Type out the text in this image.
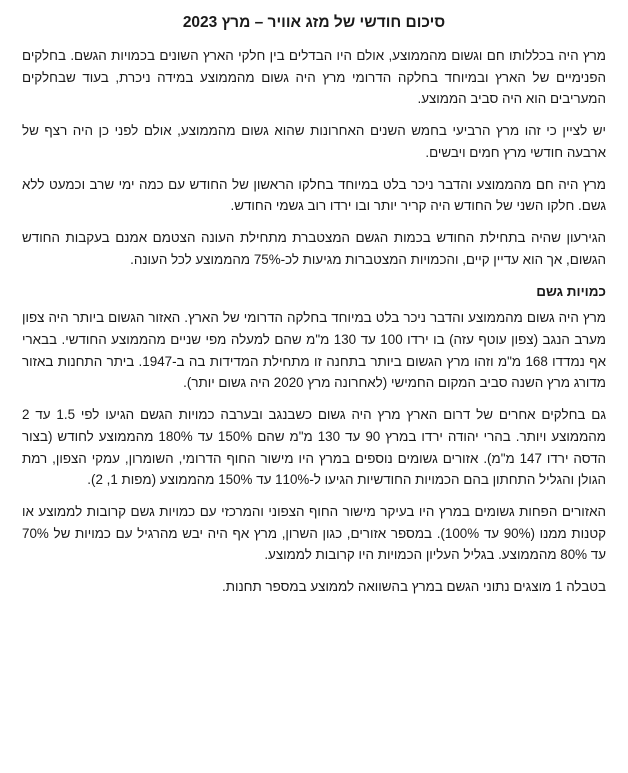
סיכום חודשי של מזג אוויר – מרץ 2023

מרץ היה בכללותו חם וגשום מהממוצע, אולם היו הבדלים בין חלקי הארץ השונים בכמויות הגשם. בחלקים הפנימיים של הארץ ובמיוחד בחלקה הדרומי מרץ היה גשום מהממוצע במידה ניכרת, בעוד שבחלקים המעריבים הוא היה סביב הממוצע.

יש לציין כי זהו מרץ הרביעי בחמש השנים האחרונות שהוא גשום מהממוצע, אולם לפני כן היה רצף של ארבעה חודשי מרץ חמים ויבשים.

מרץ היה חם מהממוצע והדבר ניכר בלט במיוחד בחלקו הראשון של החודש עם כמה ימי שרב וכמעט ללא גשם. חלקו השני של החודש היה קריר יותר ובו ירדו רוב גשמי החודש.

הגירעון שהיה בתחילת החודש בכמות הגשם המצטברת מתחילת העונה הצטמם אמנם בעקבות החודש הגשום, אך הוא עדיין קיים, והכמויות המצטברות מגיעות לכ-75% מהממוצע לכל העונה.

כמויות גשם

מרץ היה גשום מהממוצע והדבר ניכר בלט במיוחד בחלקה הדרומי של הארץ. האזור הגשום ביותר היה צפון מערב הנגב (צפון עוטף עזה) בו ירדו 100 עד 130 מ"מ שהם למעלה מפי שניים מהממוצע החודשי. בבארי אף נמדדו 168 מ"מ וזהו מרץ הגשום ביותר בתחנה זו מתחילת המדידות בה ב-1947. ביתר התחנות באזור מדורג מרץ השנה סביב המקום החמישי (לאחרונה מרץ 2020 היה גשום יותר).

גם בחלקים אחרים של דרום הארץ מרץ היה גשום כשבנגב ובערבה כמויות הגשם הגיעו לפי 1.5 עד 2 מהממוצע ויותר. בהרי יהודה ירדו במרץ 90 עד 130 מ"מ שהם 150% עד 180% מהממוצע לחודש (בצור הדסה ירדו 147 מ"מ). אזורים גשומים נוספים במרץ היו מישור החוף הדרומי, השומרון, עמקי הצפון, רמת הגולן והגליל התחתון בהם הכמויות החודשיות הגיעו ל-110% עד 150% מהממוצע (מפות 1, 2).

האזורים הפחות גשומים במרץ היו בעיקר מישור החוף הצפוני והמרכזי עם כמויות גשם קרובות לממוצע או קטנות ממנו (90% עד 100%). במספר אזורים, כגון השרון, מרץ אף היה יבש מהרגיל עם כמויות של 70% עד 80% מהממוצע. בגליל העליון הכמויות היו קרובות לממוצע.

בטבלה 1 מוצגים נתוני הגשם במרץ בהשוואה לממוצע במספר תחנות.
